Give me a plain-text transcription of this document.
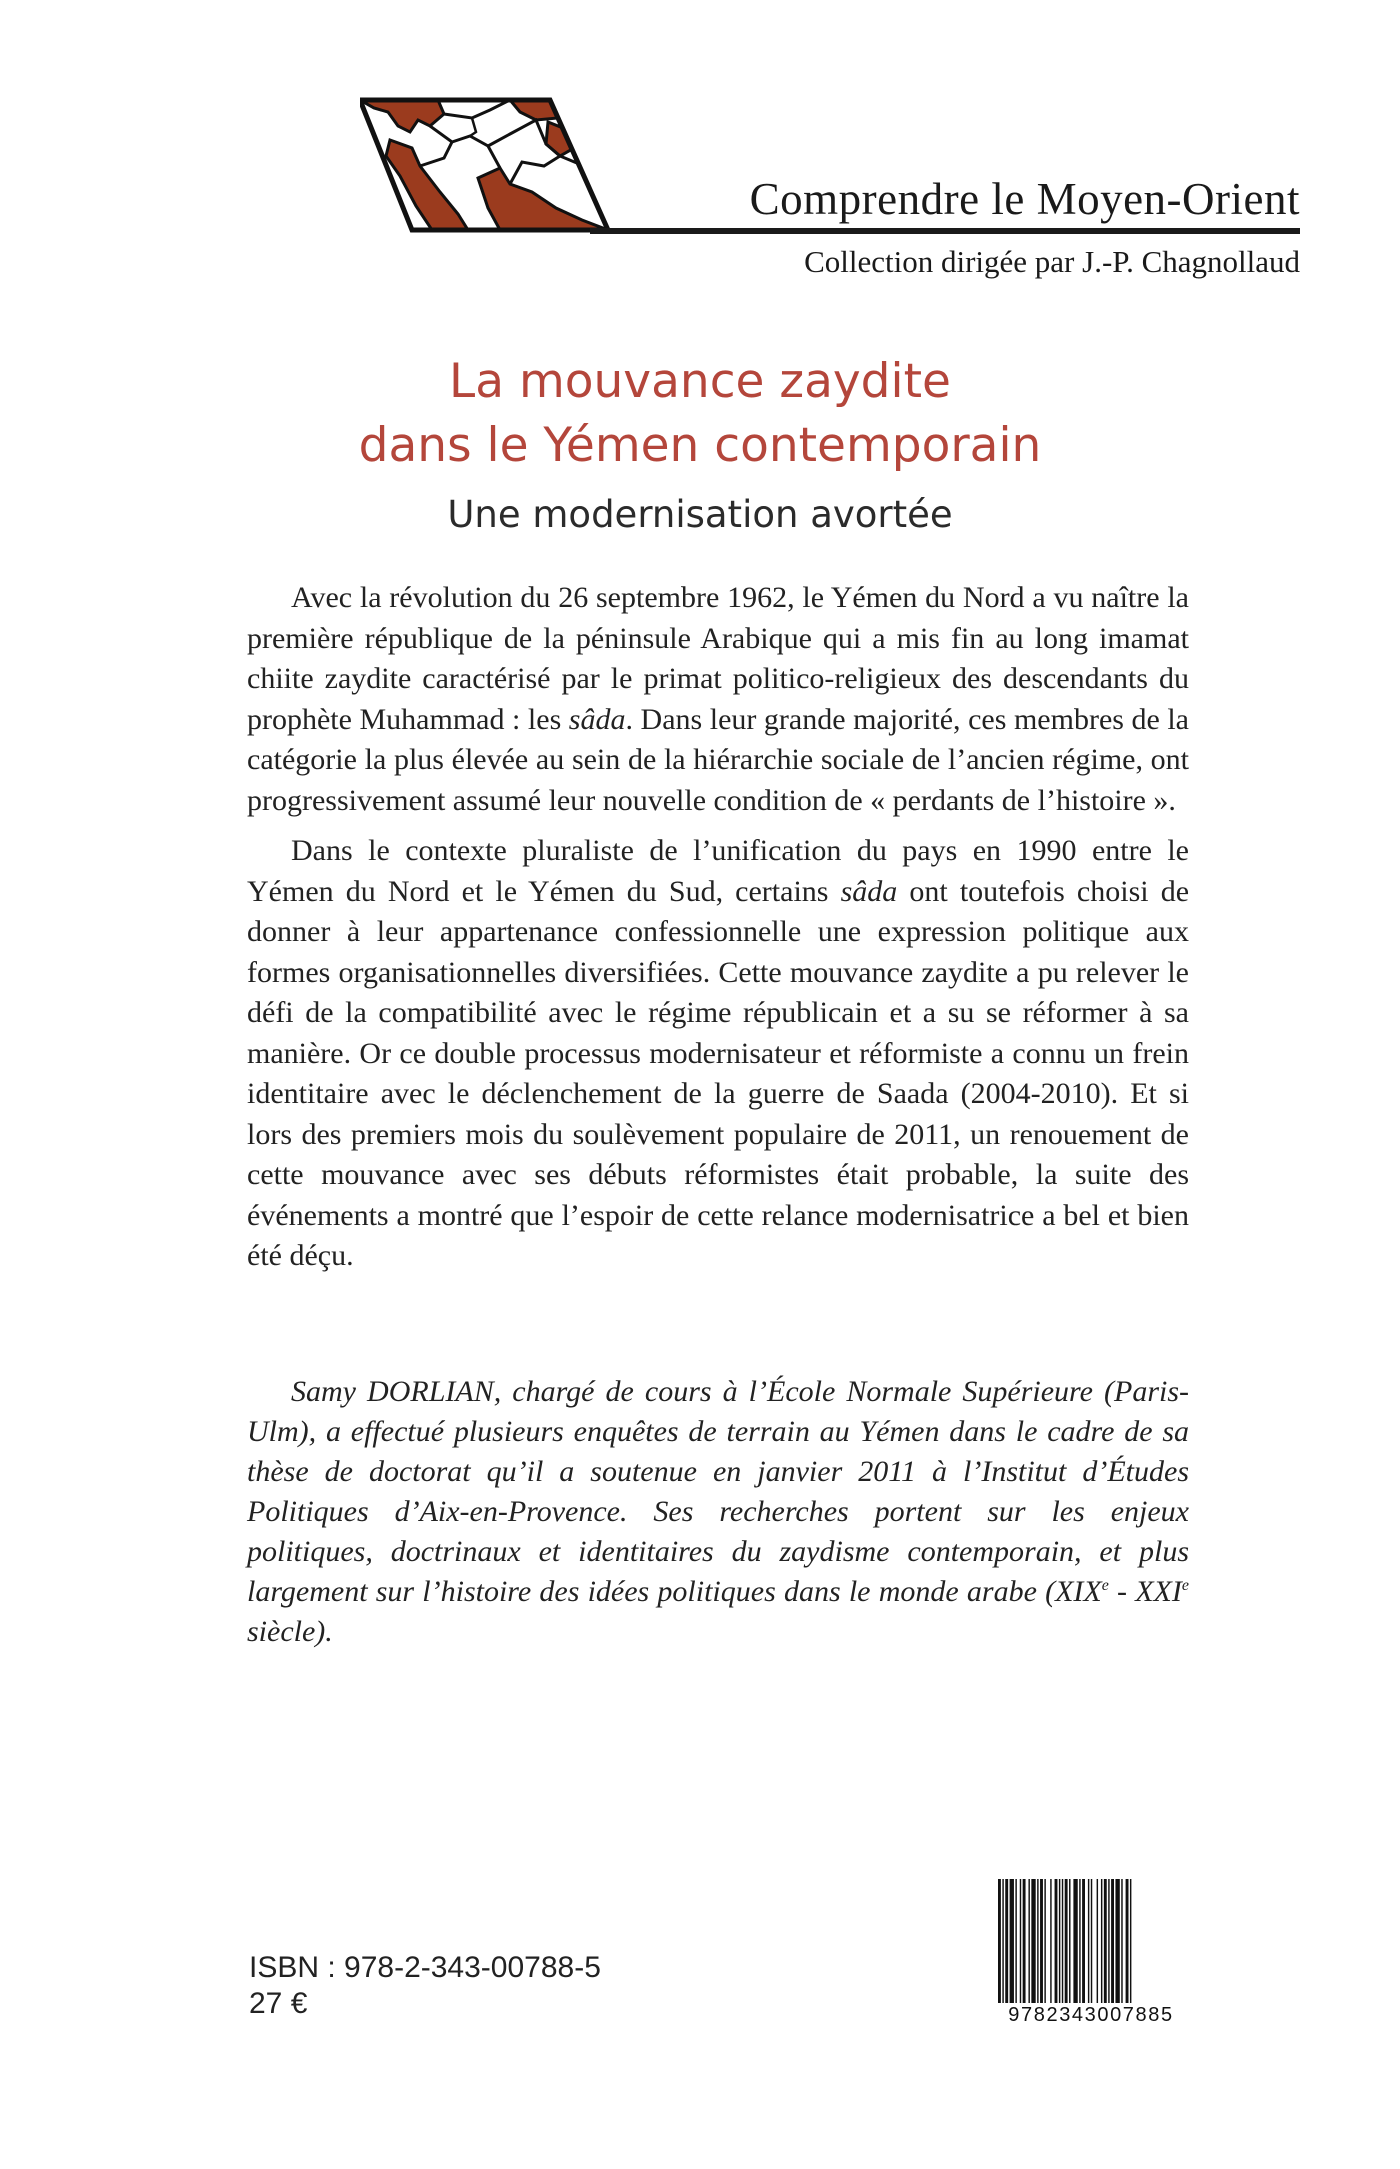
Comprendre le Moyen-Orient
Collection dirigée par J.-P. Chagnollaud
La mouvance zaydite
dans le Yémen contemporain
Une modernisation avortée

Avec la révolution du 26 septembre 1962, le Yémen du Nord a vu naître la première république de la péninsule Arabique qui a mis fin au long imamat chiite zaydite caractérisé par le primat politico-religieux des descendants du prophète Muhammad : les sâda. Dans leur grande majorité, ces membres de la catégorie la plus élevée au sein de la hiérarchie sociale de l’ancien régime, ont progressivement assumé leur nouvelle condition de « perdants de l’histoire ».

Dans le contexte pluraliste de l’unification du pays en 1990 entre le Yémen du Nord et le Yémen du Sud, certains sâda ont toutefois choisi de donner à leur appartenance confessionnelle une expression politique aux formes organisationnelles diversifiées. Cette mouvance zaydite a pu relever le défi de la compatibilité avec le régime républicain et a su se réformer à sa manière. Or ce double processus modernisateur et réformiste a connu un frein identitaire avec le déclenchement de la guerre de Saada (2004-2010). Et si lors des premiers mois du soulèvement populaire de 2011, un renouement de cette mouvance avec ses débuts réformistes était probable, la suite des événements a montré que l’espoir de cette relance modernisatrice a bel et bien été déçu.

Samy DORLIAN, chargé de cours à l’École Normale Supérieure (Paris-Ulm), a effectué plusieurs enquêtes de terrain au Yémen dans le cadre de sa thèse de doctorat qu’il a soutenue en janvier 2011 à l’Institut d’Études Politiques d’Aix-en-Provence. Ses recherches portent sur les enjeux politiques, doctrinaux et identitaires du zaydisme contemporain, et plus largement sur l’histoire des idées politiques dans le monde arabe (XIXe - XXIe siècle).

ISBN : 978-2-343-00788-5
27 €	9782343007885
